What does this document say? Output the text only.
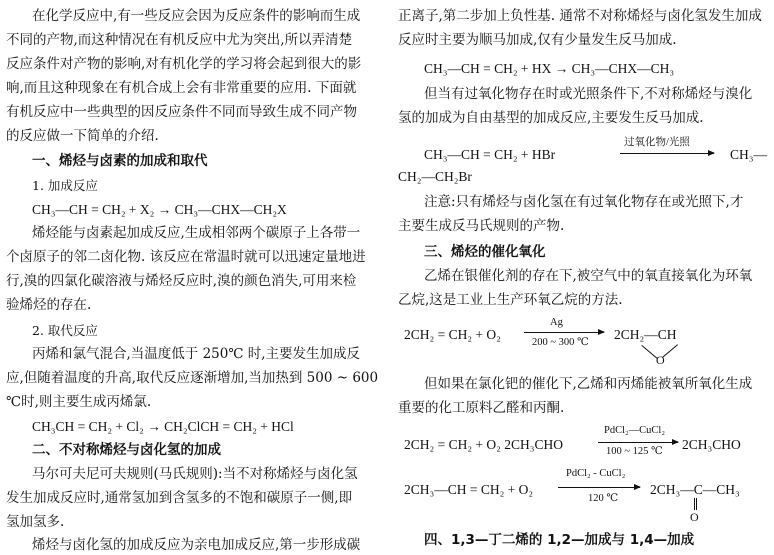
在化学反应中,有一些反应会因为反应条件的影响而生成
不同的产物,而这种情况在有机反应中尤为突出,所以弄清楚
反应条件对产物的影响,对有机化学的学习将会起到很大的影
响,而且这种现象在有机合成上会有非常重要的应用. 下面就
有机反应中一些典型的因反应条件不同而导致生成不同产物
的反应做一下简单的介绍.
一、烯烃与卤素的加成和取代
1. 加成反应
CH₃—CH = CH₂ + X₂ → CH₃—CHX—CH₂X
烯烃能与卤素起加成反应,生成相邻两个碳原子上各带一
个卤原子的邻二卤化物. 该反应在常温时就可以迅速定量地进
行,溴的四氯化碳溶液与烯烃反应时,溴的颜色消失,可用来检
验烯烃的存在.
2. 取代反应
丙烯和氯气混合,当温度低于 250℃ 时,主要发生加成反
应,但随着温度的升高,取代反应逐渐增加,当加热到 500 ~ 600
℃时,则主要生成丙烯氯.
CH₃CH = CH₂ + Cl₂ → CH₂ClCH = CH₂ + HCl
二、不对称烯烃与卤化氢的加成
马尔可夫尼可夫规则(马氏规则):当不对称烯烃与卤化氢
发生加成反应时,通常氢加到含氢多的不饱和碳原子一侧,即
氢加氢多.
烯烃与卤化氢的加成反应为亲电加成反应,第一步形成碳
正离子,第二步加上负性基. 通常不对称烯烃与卤化氢发生加成
反应时主要为顺马加成,仅有少量发生反马加成.
CH₃—CH = CH₂ + HX → CH₃—CHX—CH₃
但当有过氧化物存在时或光照条件下,不对称烯烃与溴化
氢的加成为自由基型的加成反应,主要发生反马加成.
CH₃—CH = CH₂ + HBr
过氧化物/光照
CH₃—
CH₂—CH₂Br
注意:只有烯烃与卤化氢在有过氧化物存在或光照下,才
主要生成反马氏规则的产物.
三、烯烃的催化氧化
乙烯在银催化剂的存在下,被空气中的氧直接氧化为环氧
乙烷,这是工业上生产环氧乙烷的方法.
2CH₂ = CH₂ + O₂
Ag
200 ~ 300 ℃
2CH₂—CH
O
但如果在氯化钯的催化下,乙烯和丙烯能被氧所氧化生成
重要的化工原料乙醛和丙酮.
2CH₂ = CH₂ + O₂ 2CH₃CHO
PdCl₂—CuCl₂
100 ~ 125 ℃ 2CH₃CHO
2CH₃—CH = CH₂ + O₂
PdCl₂ - CuCl₂
120 ℃
2CH₃—C—CH₃
O
四、1,3—丁二烯的 1,2—加成与 1,4—加成
